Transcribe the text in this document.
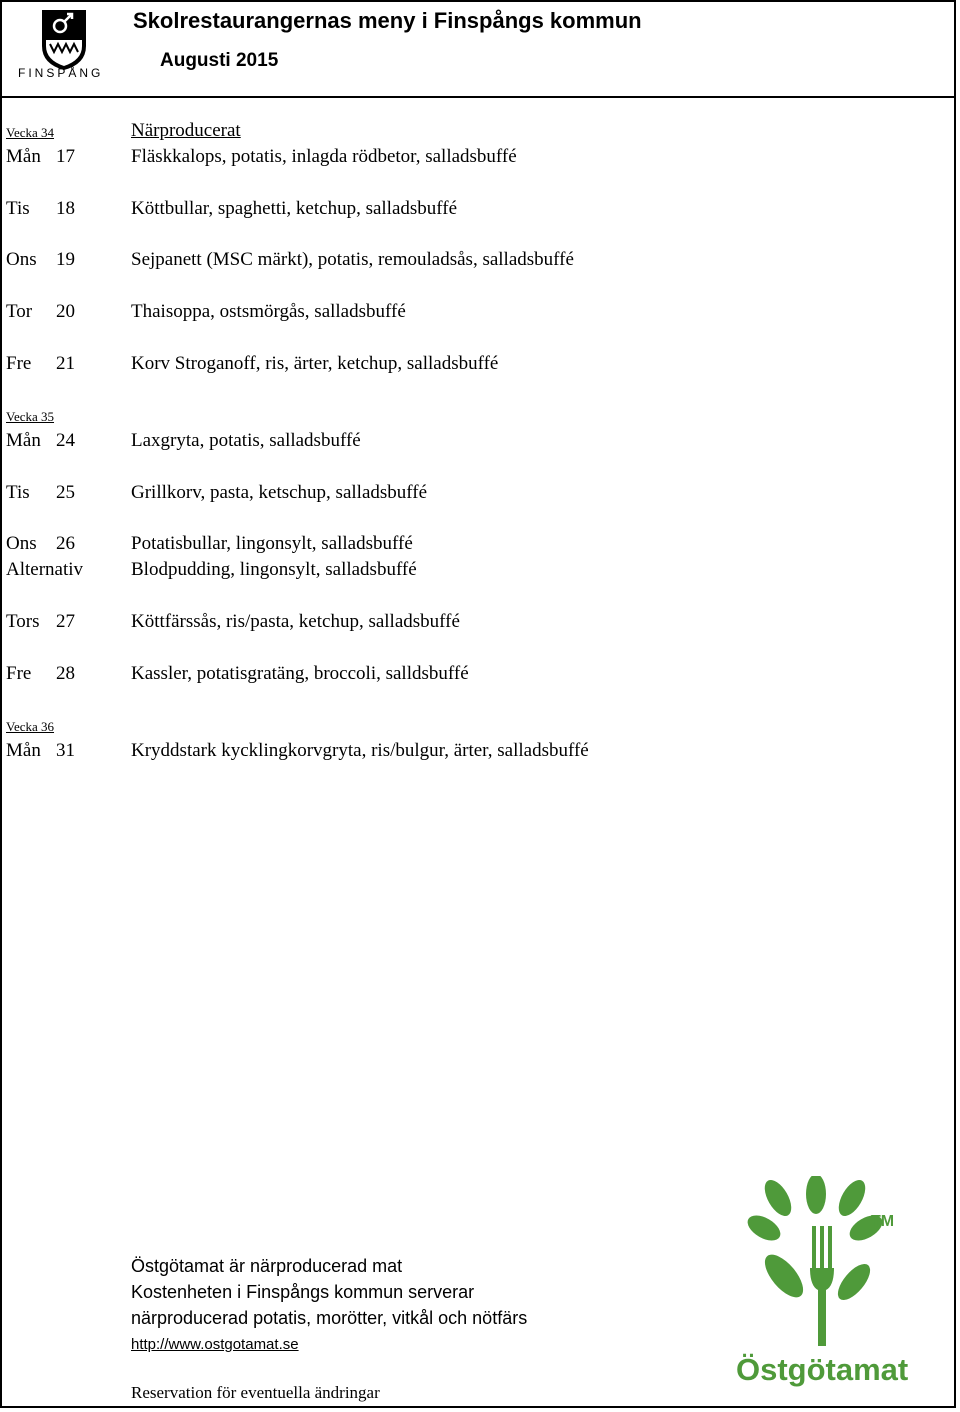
FINSPÅNG
Skolrestaurangernas meny i Finspångs kommun
Augusti 2015
Vecka 34	Närproducerat
Mån 17	Fläskkalops, potatis, inlagda rödbetor, salladsbuffé
Tis 18	Köttbullar, spaghetti, ketchup, salladsbuffé
Ons 19	Sejpanett (MSC märkt), potatis, remouladsås, salladsbuffé
Tor 20	Thaisoppa, ostsmörgås, salladsbuffé
Fre 21	Korv Stroganoff, ris, ärter, ketchup, salladsbuffé
Vecka 35
Mån 24	Laxgryta, potatis, salladsbuffé
Tis 25	Grillkorv, pasta, ketschup, salladsbuffé
Ons 26	Potatisbullar, lingonsylt, salladsbuffé
Alternativ	Blodpudding, lingonsylt, salladsbuffé
Tors 27	Köttfärssås, ris/pasta, ketchup, salladsbuffé
Fre 28	Kassler, potatisgratäng, broccoli, salldsbuffé
Vecka 36
Mån 31	Kryddstark kycklingkorvgryta, ris/bulgur, ärter, salladsbuffé
Östgötamat är närproducerad mat
Kostenheten i Finspångs kommun serverar
närproducerad potatis, morötter, vitkål och nötfärs
http://www.ostgotamat.se
Reservation för eventuella ändringar
TM
Östgötamat
